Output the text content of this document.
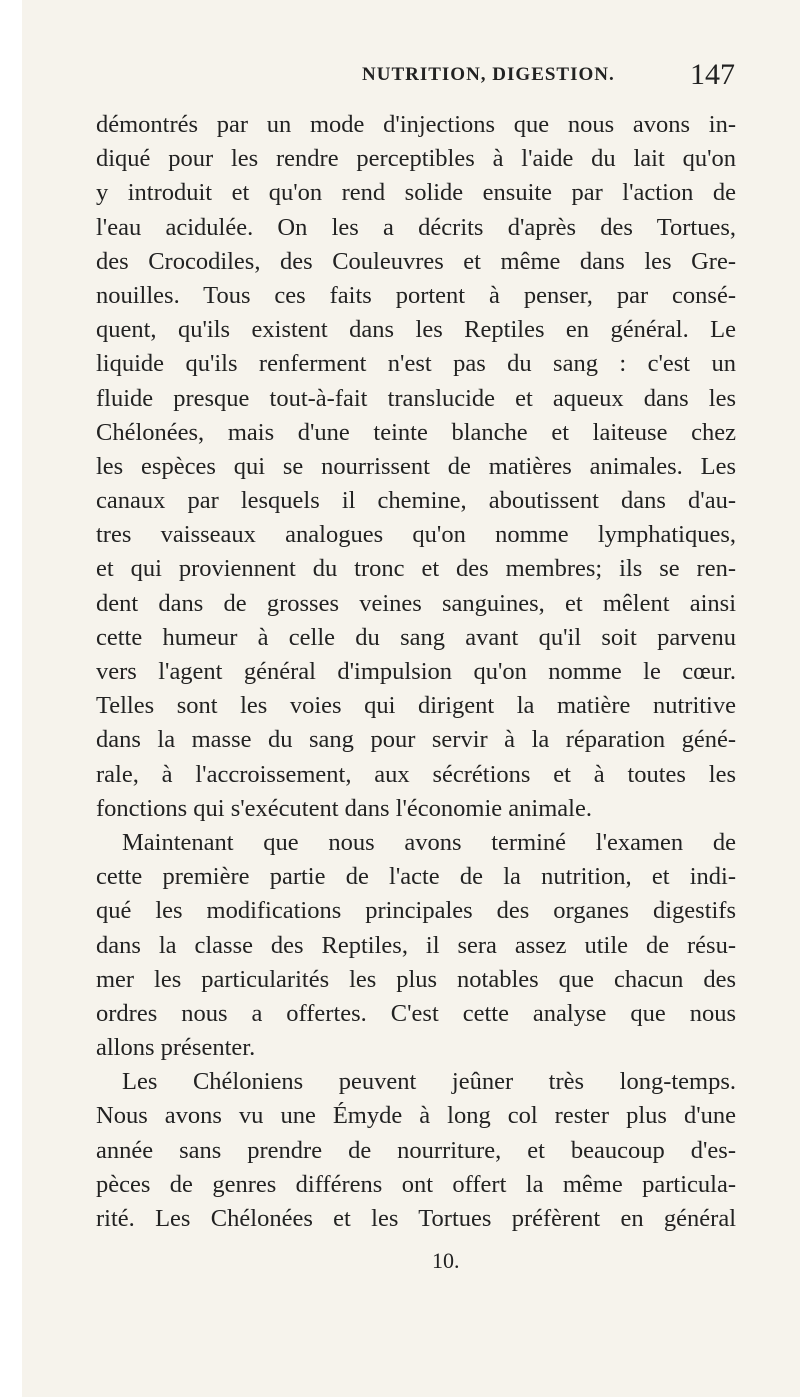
NUTRITION, DIGESTION.	147
démontrés par un mode d'injections que nous avons in-
diqué pour les rendre perceptibles à l'aide du lait qu'on
y introduit et qu'on rend solide ensuite par l'action de
l'eau acidulée. On les a décrits d'après des Tortues,
des Crocodiles, des Couleuvres et même dans les Gre-
nouilles. Tous ces faits portent à penser, par consé-
quent, qu'ils existent dans les Reptiles en général. Le
liquide qu'ils renferment n'est pas du sang : c'est un
fluide presque tout-à-fait translucide et aqueux dans les
Chélonées, mais d'une teinte blanche et laiteuse chez
les espèces qui se nourrissent de matières animales. Les
canaux par lesquels il chemine, aboutissent dans d'au-
tres vaisseaux analogues qu'on nomme lymphatiques,
et qui proviennent du tronc et des membres; ils se ren-
dent dans de grosses veines sanguines, et mêlent ainsi
cette humeur à celle du sang avant qu'il soit parvenu
vers l'agent général d'impulsion qu'on nomme le cœur.
Telles sont les voies qui dirigent la matière nutritive
dans la masse du sang pour servir à la réparation géné-
rale, à l'accroissement, aux sécrétions et à toutes les
fonctions qui s'exécutent dans l'économie animale.
Maintenant que nous avons terminé l'examen de
cette première partie de l'acte de la nutrition, et indi-
qué les modifications principales des organes digestifs
dans la classe des Reptiles, il sera assez utile de résu-
mer les particularités les plus notables que chacun des
ordres nous a offertes. C'est cette analyse que nous
allons présenter.
Les Chéloniens peuvent jeûner très long-temps.
Nous avons vu une Émyde à long col rester plus d'une
année sans prendre de nourriture, et beaucoup d'es-
pèces de genres différens ont offert la même particula-
rité. Les Chélonées et les Tortues préfèrent en général
10.
